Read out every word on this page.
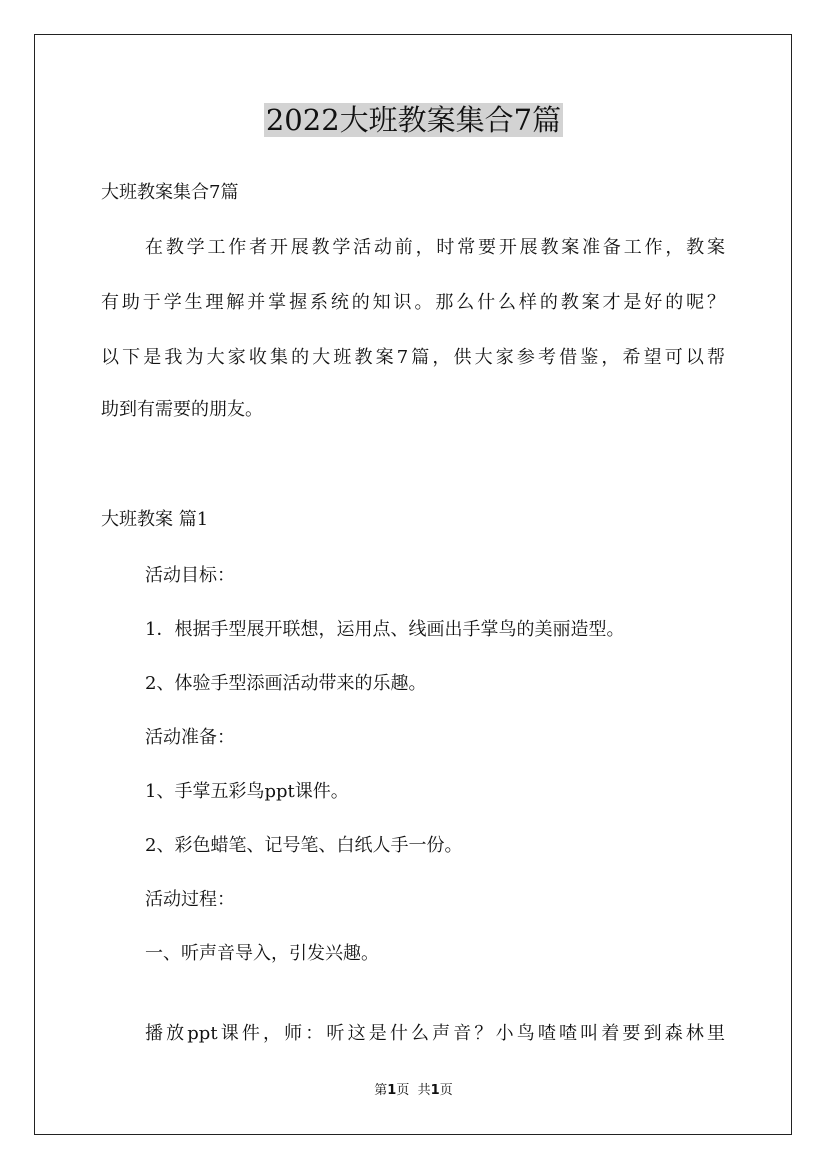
2022大班教案集合7篇
大班教案集合7篇
在教学工作者开展教学活动前，时常要开展教案准备工作，教案
有助于学生理解并掌握系统的知识。那么什么样的教案才是好的呢？
以下是我为大家收集的大班教案7篇，供大家参考借鉴，希望可以帮
助到有需要的朋友。
大班教案 篇1
活动目标：
1．根据手型展开联想，运用点、线画出手掌鸟的美丽造型。
2、体验手型添画活动带来的乐趣。
活动准备：
1、手掌五彩鸟ppt课件。
2、彩色蜡笔、记号笔、白纸人手一份。
活动过程：
一、听声音导入，引发兴趣。
播放ppt课件，师：听这是什么声音？小鸟喳喳叫着要到森林里
第1页 共1页
